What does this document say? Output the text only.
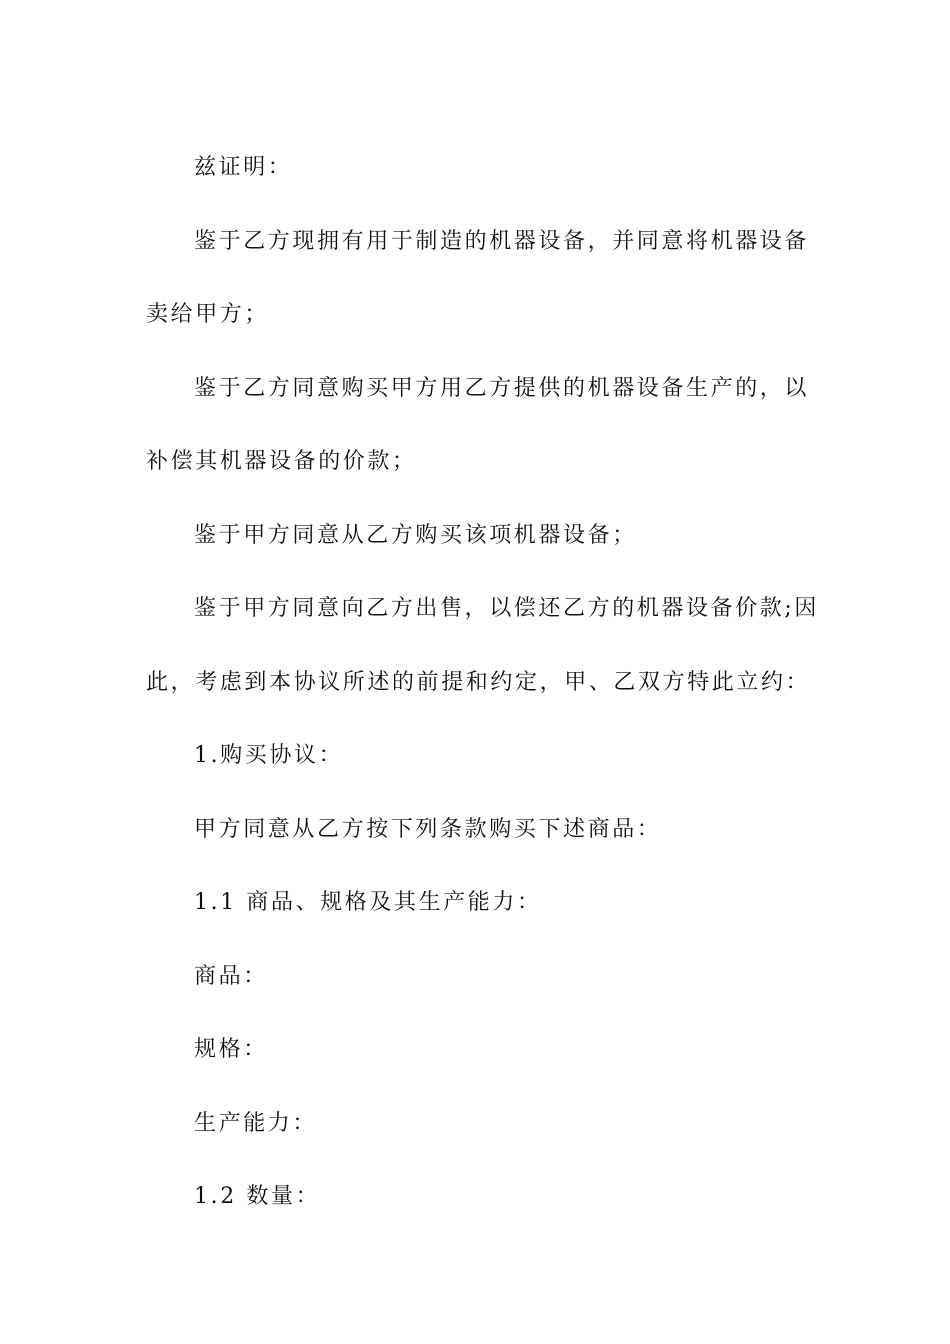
兹证明：

鉴于乙方现拥有用于制造的机器设备，并同意将机器设备

卖给甲方；

鉴于乙方同意购买甲方用乙方提供的机器设备生产的，以

补偿其机器设备的价款；

鉴于甲方同意从乙方购买该项机器设备；

鉴于甲方同意向乙方出售，以偿还乙方的机器设备价款;因

此，考虑到本协议所述的前提和约定，甲、乙双方特此立约：

1.购买协议：

甲方同意从乙方按下列条款购买下述商品：

1.1 商品、规格及其生产能力：

商品：

规格：

生产能力：

1.2 数量：
